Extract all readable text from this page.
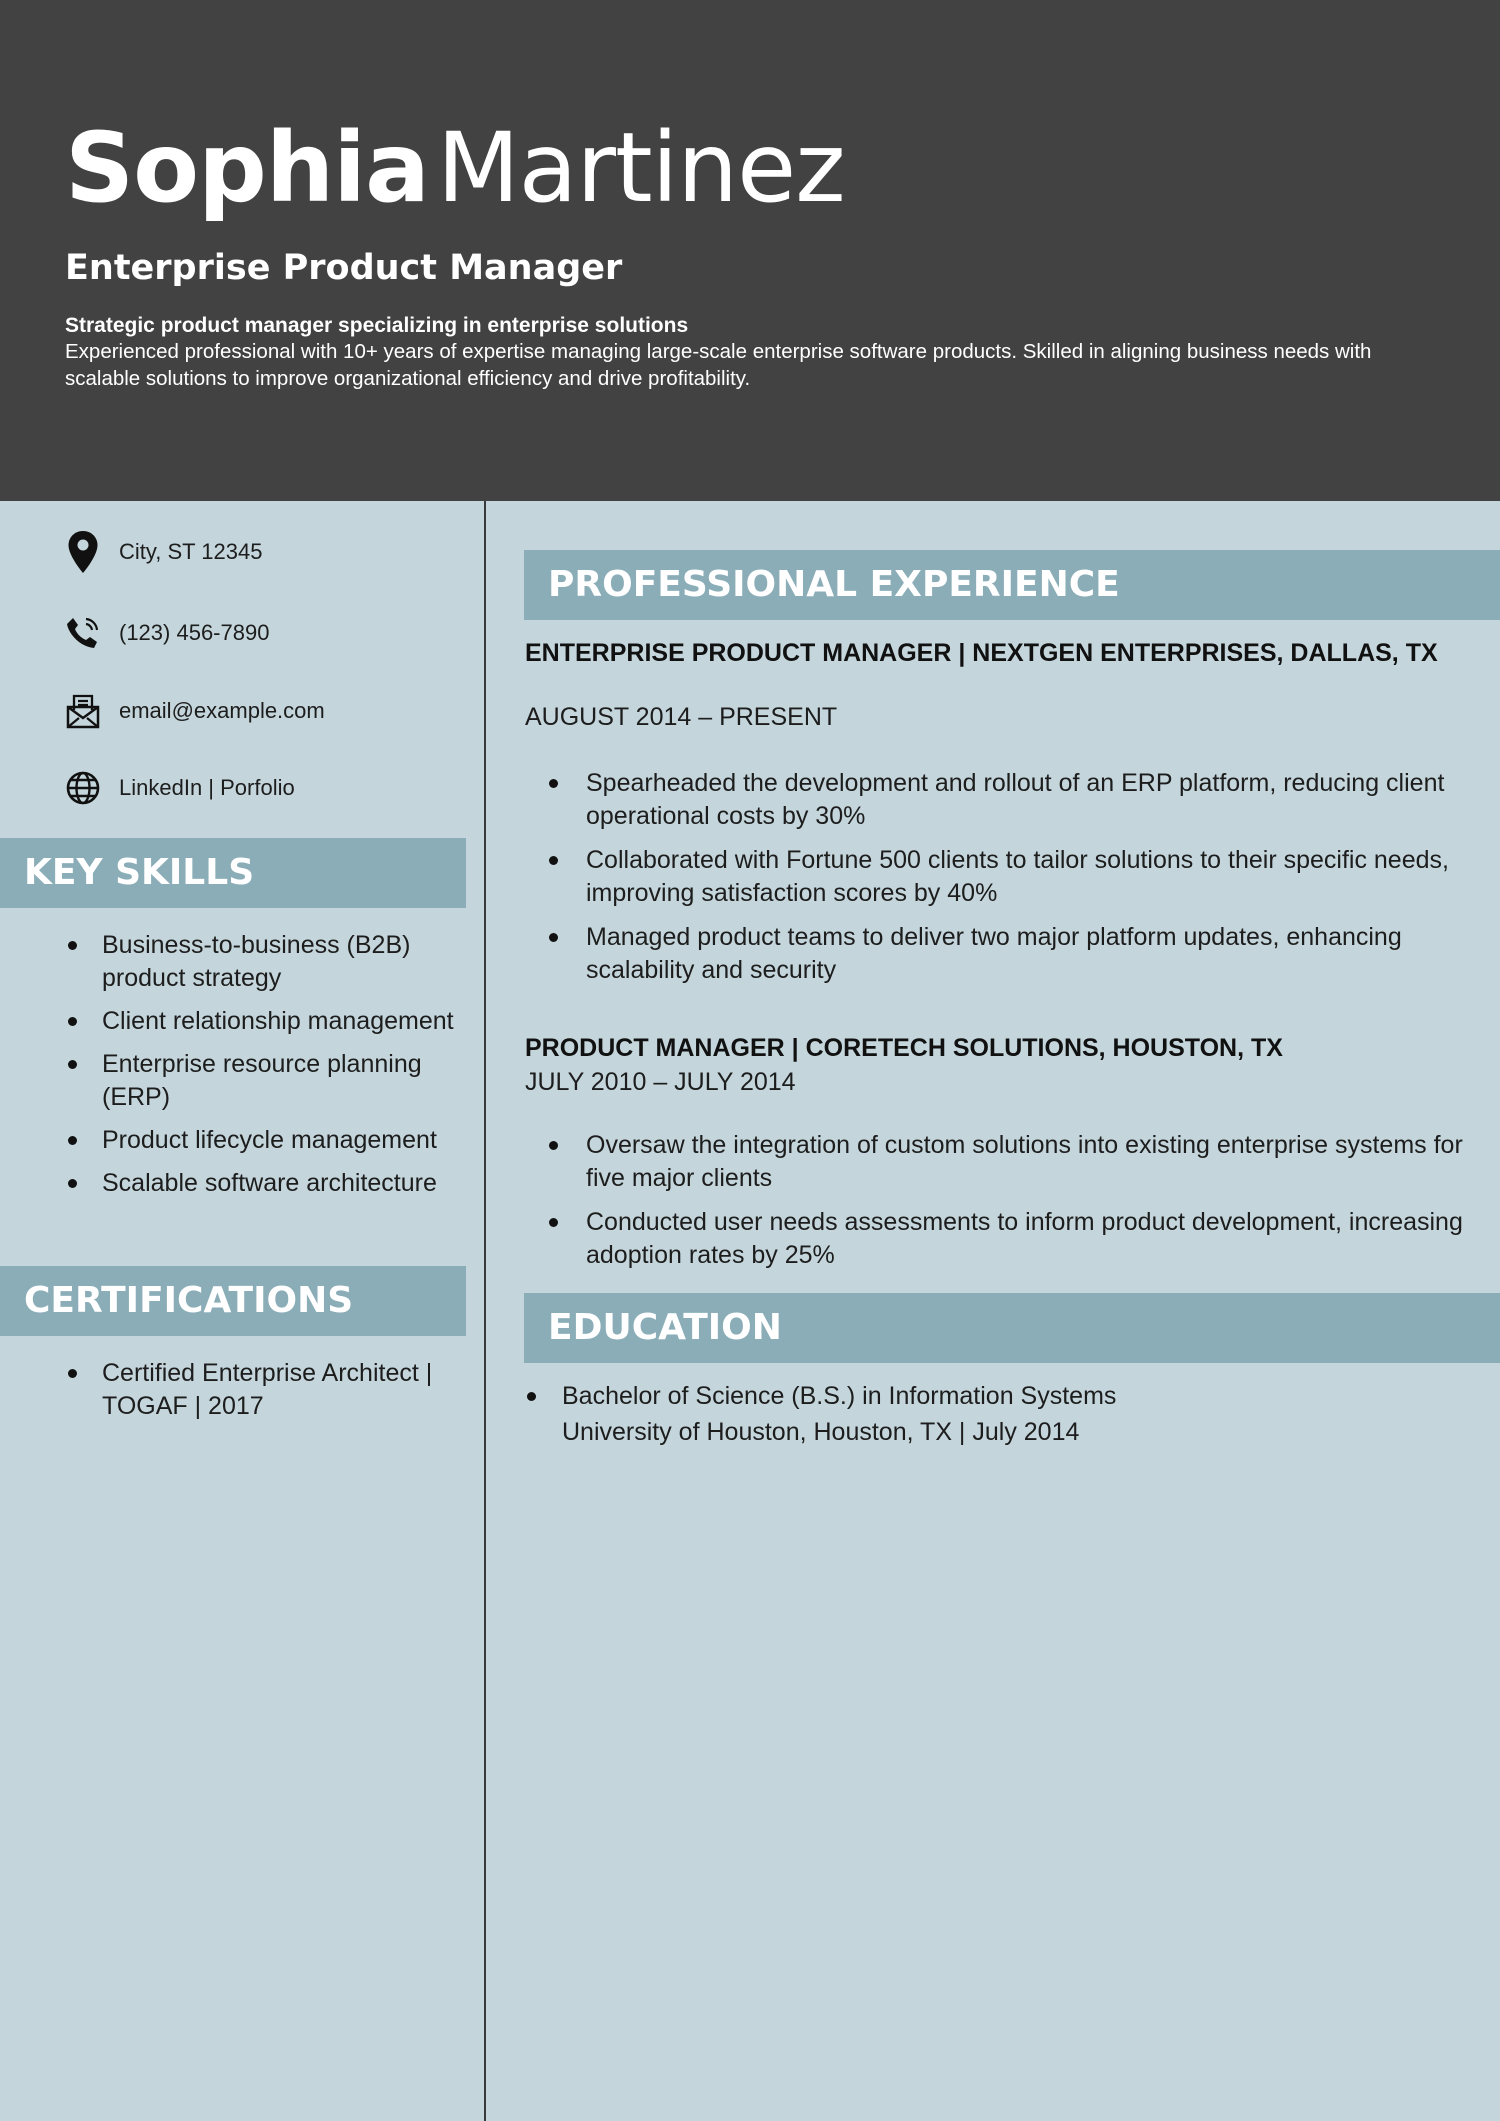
SophiaMartinez
Enterprise Product Manager
Strategic product manager specializing in enterprise solutions
Experienced professional with 10+ years of expertise managing large-scale enterprise software products. Skilled in aligning business needs with scalable solutions to improve organizational efficiency and drive profitability.
City, ST 12345
(123) 456-7890
email@example.com
LinkedIn | Porfolio
KEY SKILLS
Business-to-business (B2B) product strategy
Client relationship management
Enterprise resource planning (ERP)
Product lifecycle management
Scalable software architecture
CERTIFICATIONS
Certified Enterprise Architect | TOGAF | 2017
PROFESSIONAL EXPERIENCE
ENTERPRISE PRODUCT MANAGER | NEXTGEN ENTERPRISES, DALLAS, TX
AUGUST 2014 – PRESENT
Spearheaded the development and rollout of an ERP platform, reducing client operational costs by 30%
Collaborated with Fortune 500 clients to tailor solutions to their specific needs, improving satisfaction scores by 40%
Managed product teams to deliver two major platform updates, enhancing scalability and security
PRODUCT MANAGER | CORETECH SOLUTIONS, HOUSTON, TX
JULY 2010 – JULY 2014
Oversaw the integration of custom solutions into existing enterprise systems for five major clients
Conducted user needs assessments to inform product development, increasing adoption rates by 25%
EDUCATION
Bachelor of Science (B.S.) in Information Systems
University of Houston, Houston, TX | July 2014
